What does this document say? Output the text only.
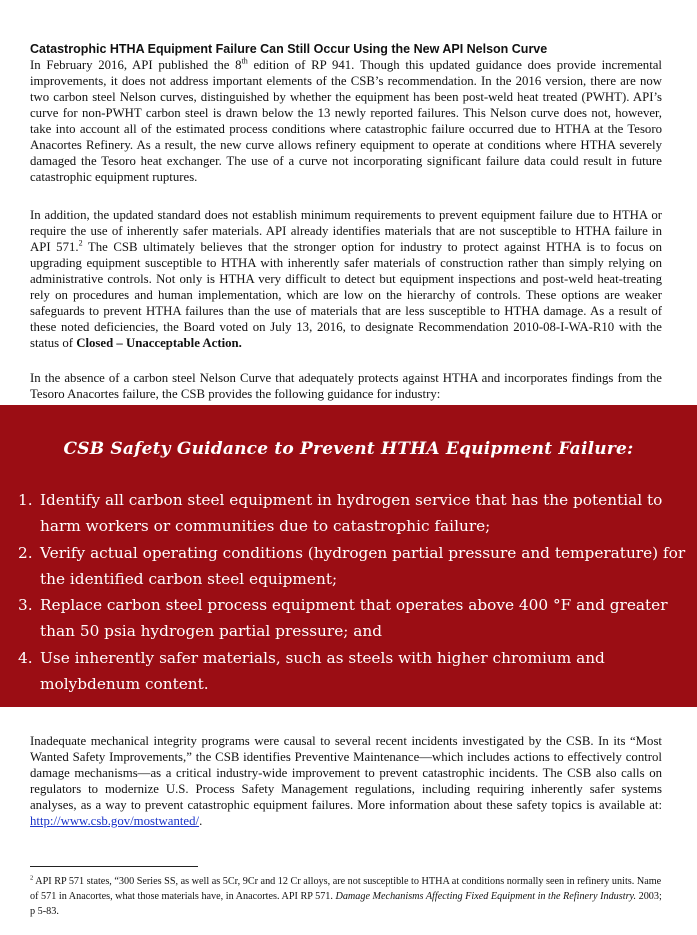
Catastrophic HTHA Equipment Failure Can Still Occur Using the New API Nelson Curve

In February 2016, API published the 8th edition of RP 941. Though this updated guidance does provide incremental improvements, it does not address important elements of the CSB’s recommendation. In the 2016 version, there are now two carbon steel Nelson curves, distinguished by whether the equipment has been post-weld heat treated (PWHT). API’s curve for non-PWHT carbon steel is drawn below the 13 newly reported failures. This Nelson curve does not, however, take into account all of the estimated process conditions where catastrophic failure occurred due to HTHA at the Tesoro Anacortes Refinery. As a result, the new curve allows refinery equipment to operate at conditions where HTHA severely damaged the Tesoro heat exchanger. The use of a curve not incorporating significant failure data could result in future catastrophic equipment ruptures.

In addition, the updated standard does not establish minimum requirements to prevent equipment failure due to HTHA or require the use of inherently safer materials. API already identifies materials that are not susceptible to HTHA failure in API 571.$^2$ The CSB ultimately believes that the stronger option for industry to protect against HTHA is to focus on upgrading equipment susceptible to HTHA with inherently safer materials of construction rather than simply relying on administrative controls. Not only is HTHA very difficult to detect but equipment inspections and post-weld heat-treating rely on procedures and human implementation, which are low on the hierarchy of controls. These options are weaker safeguards to prevent HTHA failures than the use of materials that are less susceptible to HTHA damage. As a result of these noted deficiencies, the Board voted on July 13, 2016, to designate Recommendation 2010-08-I-WA-R10 with the status of Closed – Unacceptable Action.

In the absence of a carbon steel Nelson Curve that adequately protects against HTHA and incorporates findings from the Tesoro Anacortes failure, the CSB provides the following guidance for industry:

CSB Safety Guidance to Prevent HTHA Equipment Failure:
1. Identify all carbon steel equipment in hydrogen service that has the potential to harm workers or communities due to catastrophic failure;
2. Verify actual operating conditions (hydrogen partial pressure and temperature) for the identified carbon steel equipment;
3. Replace carbon steel process equipment that operates above 400 °F and greater than 50 psia hydrogen partial pressure; and
4. Use inherently safer materials, such as steels with higher chromium and molybdenum content.

Inadequate mechanical integrity programs were causal to several recent incidents investigated by the CSB. In its “Most Wanted Safety Improvements,” the CSB identifies Preventive Maintenance—which includes actions to effectively control damage mechanisms—as a critical industry-wide improvement to prevent catastrophic incidents. The CSB also calls on regulators to modernize U.S. Process Safety Management regulations, including requiring inherently safer systems analyses, as a way to prevent catastrophic equipment failures. More information about these safety topics is available at: http://www.csb.gov/mostwanted/.

$^2$ API RP 571 states, “300 Series SS, as well as 5Cr, 9Cr and 12 Cr alloys, are not susceptible to HTHA at conditions normally seen in refinery units. Name of 571 in Anacortes, what those materials have, in Anacortes. API RP 571. Damage Mechanisms Affecting Fixed Equipment in the Refinery Industry. 2003; p 5-83.
